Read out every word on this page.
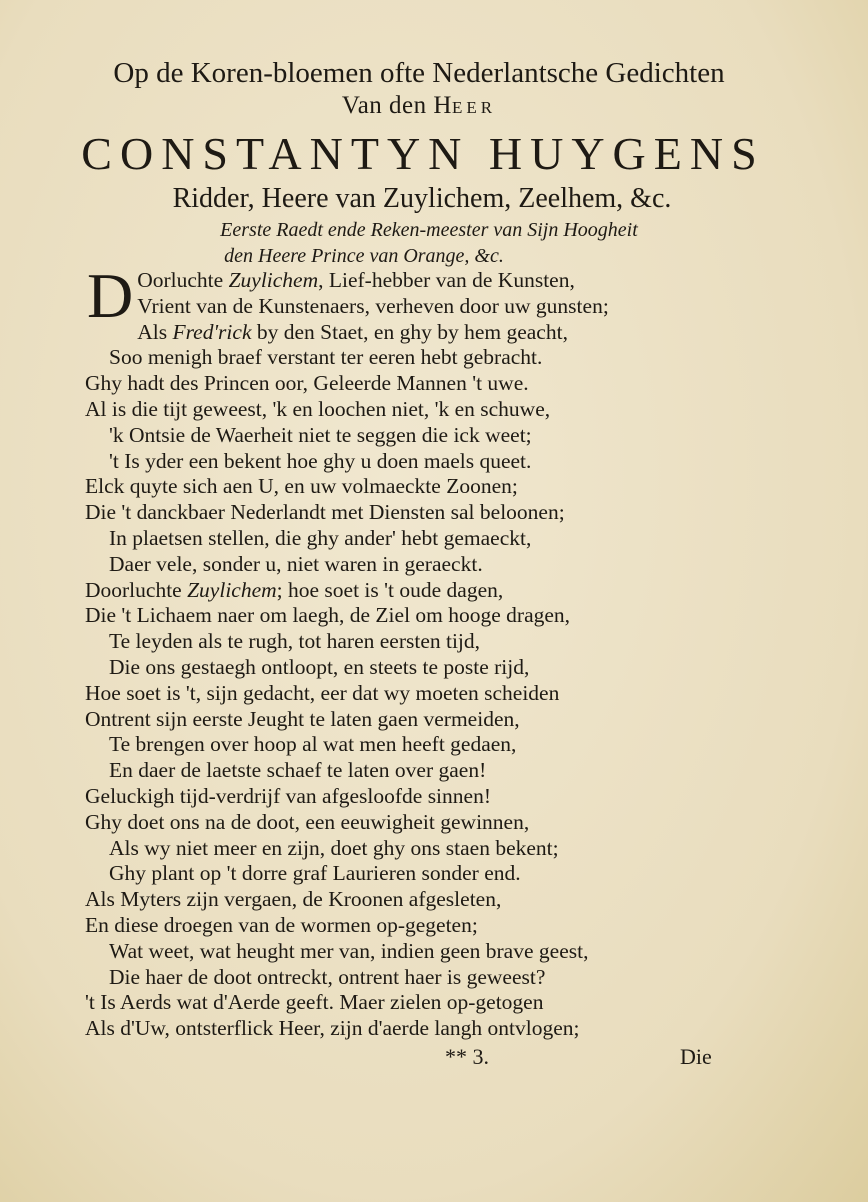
Op de Koren-bloemen ofte Nederlantsche Gedichten
Van den HEER
CONSTANTYN HUYGENS
Ridder, Heere van Zuylichem, Zeelhem, &c.
Eerste Raedt ende Reken-meester van Sijn Hoogheit
den Heere Prince van Orange, &c.
D Oorluchte Zuylichem, Lief-hebber van de Kunsten,
Vrient van de Kunstenaers, verheven door uw gunsten;
Als Fred'rick by den Staet, en ghy by hem geacht,
Soo menigh braef verstant ter eeren hebt gebracht.
Ghy hadt des Princen oor, Geleerde Mannen 't uwe.
Al is die tijt geweest, 'k en loochen niet, 'k en schuwe,
'k Ontsie de Waerheit niet te seggen die ick weet;
't Is yder een bekent hoe ghy u doen maels queet.
Elck quyte sich aen U, en uw volmaeckte Zoonen;
Die 't danckbaer Nederlandt met Diensten sal beloonen;
In plaetsen stellen, die ghy ander' hebt gemaeckt,
Daer vele, sonder u, niet waren in geraeckt.
Doorluchte Zuylichem; hoe soet is 't oude dagen,
Die 't Lichaem naer om laegh, de Ziel om hooge dragen,
Te leyden als te rugh, tot haren eersten tijd,
Die ons gestaegh ontloopt, en steets te poste rijd,
Hoe soet is 't, sijn gedacht, eer dat wy moeten scheiden
Ontrent sijn eerste Jeught te laten gaen vermeiden,
Te brengen over hoop al wat men heeft gedaen,
En daer de laetste schaef te laten over gaen!
Geluckigh tijd-verdrijf van afgesloofde sinnen!
Ghy doet ons na de doot, een eeuwigheit gewinnen,
Als wy niet meer en zijn, doet ghy ons staen bekent;
Ghy plant op 't dorre graf Laurieren sonder end.
Als Myters zijn vergaen, de Kroonen afgesleten,
En diese droegen van de wormen op-gegeten;
Wat weet, wat heught mer van, indien geen brave geest,
Die haer de doot ontreckt, ontrent haer is geweest?
't Is Aerds wat d'Aerde geeft. Maer zielen op-getogen
Als d'Uw, ontsterflick Heer, zijn d'aerde langh ontvlogen;
** 3.	Die
